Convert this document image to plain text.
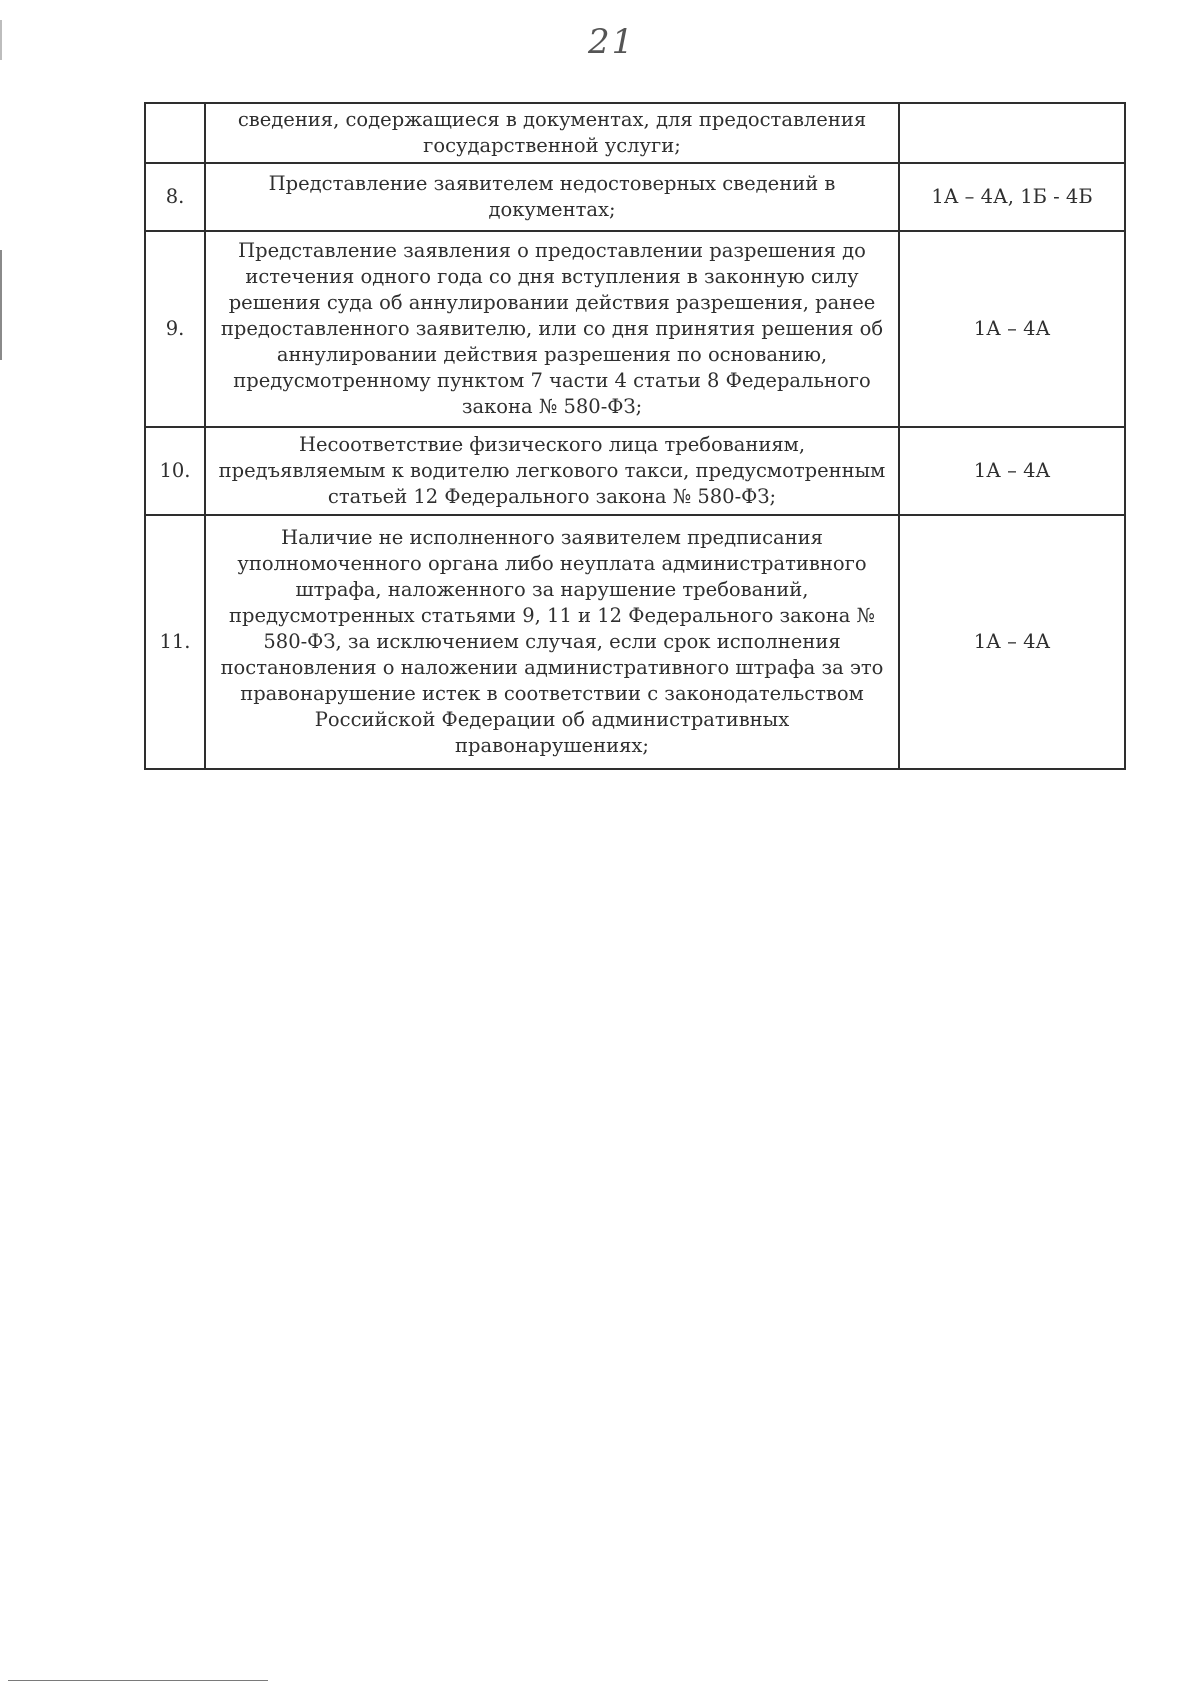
21
	сведения, содержащиеся в документах, для предоставления государственной услуги;	
8.	Представление заявителем недостоверных сведений в документах;	1А – 4А, 1Б - 4Б
9.	Представление заявления о предоставлении разрешения до истечения одного года со дня вступления в законную силу решения суда об аннулировании действия разрешения, ранее предоставленного заявителю, или со дня принятия решения об аннулировании действия разрешения по основанию, предусмотренному пунктом 7 части 4 статьи 8 Федерального закона № 580-ФЗ;	1А – 4А
10.	Несоответствие физического лица требованиям, предъявляемым к водителю легкового такси, предусмотренным статьей 12 Федерального закона № 580-ФЗ;	1А – 4А
11.	Наличие не исполненного заявителем предписания уполномоченного органа либо неуплата административного штрафа, наложенного за нарушение требований, предусмотренных статьями 9, 11 и 12 Федерального закона № 580-ФЗ, за исключением случая, если срок исполнения постановления о наложении административного штрафа за это правонарушение истек в соответствии с законодательством Российской Федерации об административных правонарушениях;	1А – 4А
